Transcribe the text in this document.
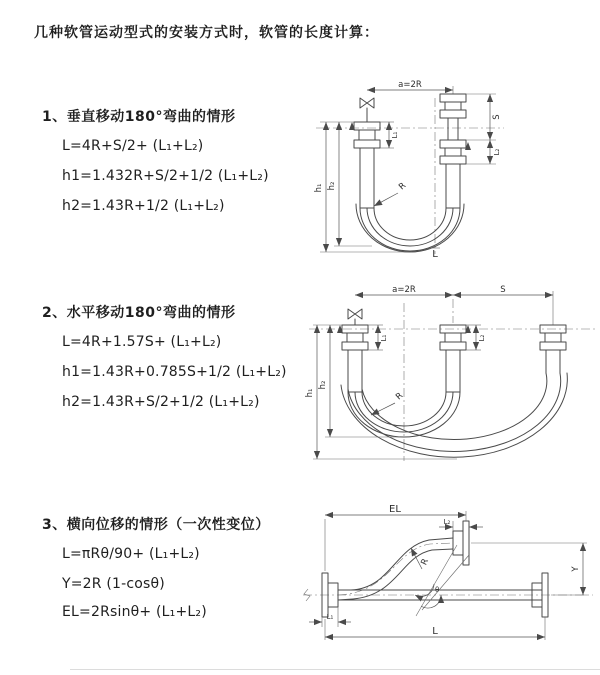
几种软管运动型式的安装方式时，软管的长度计算：
1、垂直移动180°弯曲的情形
L=4R+S/2+ (L₁+L₂)
h1=1.432R+S/2+1/2 (L₁+L₂)
h2=1.43R+1/2 (L₁+L₂)
a=2R
h₁ h₂
L₁
S
L₂
R
L
2、水平移动180°弯曲的情形
L=4R+1.57S+ (L₁+L₂)
h1=1.43R+0.785S+1/2 (L₁+L₂)
h2=1.43R+S/2+1/2 (L₁+L₂)
a=2R	S
h₁
h₂
L₁	L₂
R
3、横向位移的情形（一次性变位）
L=πRθ/90+ (L₁+L₂)
Y=2R (1-cosθ)
EL=2Rsinθ+ (L₁+L₂)
EL
L₂
Y
L
L₁
R
θ
